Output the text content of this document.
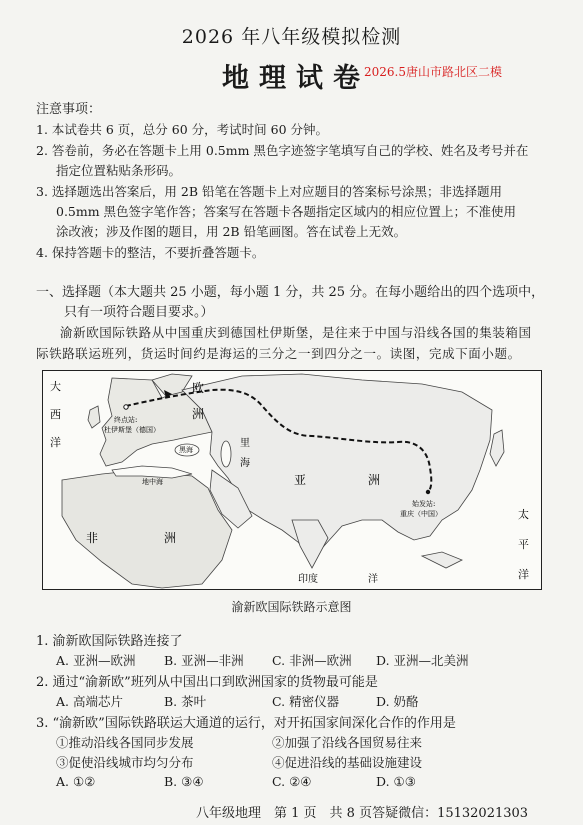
2026 年八年级模拟检测
地理试卷
2026.5唐山市路北区二模
注意事项：
1. 本试卷共 6 页，总分 60 分，考试时间 60 分钟。
2. 答卷前，务必在答题卡上用 0.5mm 黑色字迹签字笔填写自己的学校、姓名及考号并在
指定位置粘贴条形码。
3. 选择题选出答案后，用 2B 铅笔在答题卡上对应题目的答案标号涂黑；非选择题用
0.5mm 黑色签字笔作答；答案写在答题卡各题指定区域内的相应位置上；不准使用
涂改液；涉及作图的题目，用 2B 铅笔画图。答在试卷上无效。
4. 保持答题卡的整洁，不要折叠答题卡。
一、选择题（本大题共 25 小题，每小题 1 分，共 25 分。在每小题给出的四个选项中，
只有一项符合题目要求。）
渝新欧国际铁路从中国重庆到德国杜伊斯堡，是往来于中国与沿线各国的集装箱国
际铁路联运班列，货运时间约是海运的三分之一到四分之一。读图，完成下面小题。
大
西
洋
欧
洲
终点站:
杜伊斯堡（德国）
黑海
里
海
地中海	亚	洲
非	洲
始发站:
重庆（中国）	太
平
洋
印度	洋
渝新欧国际铁路示意图
1. 渝新欧国际铁路连接了
A. 亚洲—欧洲 B. 亚洲—非洲 C. 非洲—欧洲 D. 亚洲—北美洲
2. 通过“渝新欧”班列从中国出口到欧洲国家的货物最可能是
A. 高端芯片	B. 茶叶	C. 精密仪器	D. 奶酪
3. “渝新欧”国际铁路联运大通道的运行，对开拓国家间深化合作的作用是
①推动沿线各国同步发展	②加强了沿线各国贸易往来
③促使沿线城市均匀分布	④促进沿线的基础设施建设
A. ①②	B. ③④	C. ②④	D. ①③
八年级地理　第 1 页　共 8 页答疑微信：15132021303
